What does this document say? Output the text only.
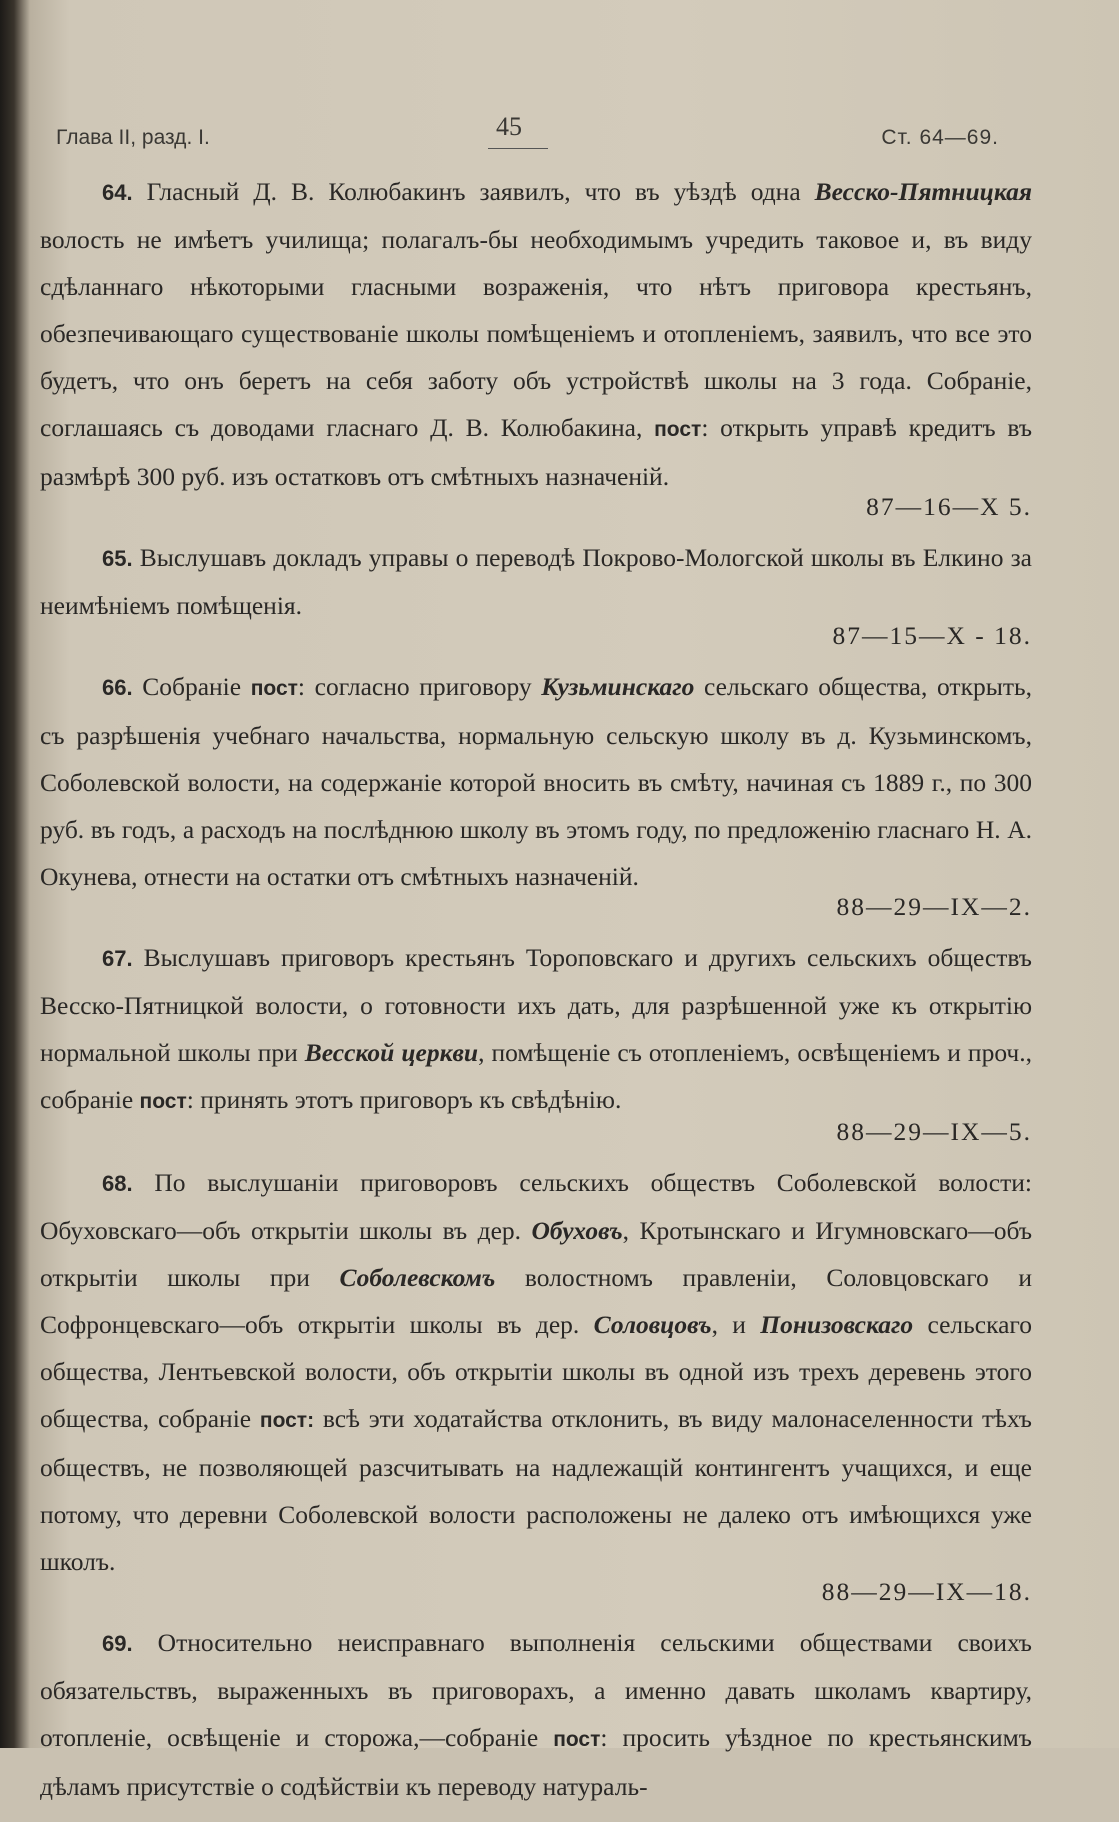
Глава II, разд. I.	45	Ст. 64—69.

64. Гласный Д. В. Колюбакинъ заявилъ, что въ уѣздѣ одна Весско-Пятницкая волость не имѣетъ училища; полагалъ-бы необходимымъ учредить таковое и, въ виду сдѣланнаго нѣкоторыми гласными возраженія, что нѣтъ приговора крестьянъ, обезпечивающаго существованіе школы помѣщеніемъ и отопленіемъ, заявилъ, что все это будетъ, что онъ беретъ на себя заботу объ устройствѣ школы на 3 года. Собраніе, соглашаясь съ доводами гласнаго Д. В. Колюбакина, пост: открыть управѣ кредитъ въ размѣрѣ 300 руб. изъ остатковъ отъ смѣтныхъ назначеній.
87—16—X 5.

65. Выслушавъ докладъ управы о переводѣ Покрово-Мологской школы въ Елкино за неимѣніемъ помѣщенія.
87—15—X - 18.

66. Собраніе пост: согласно приговору Кузьминскаго сельскаго общества, открыть, съ разрѣшенія учебнаго начальства, нормальную сельскую школу въ д. Кузьминскомъ, Соболевской волости, на содержаніе которой вносить въ смѣту, начиная съ 1889 г., по 300 руб. въ годъ, а расходъ на послѣднюю школу въ этомъ году, по предложенію гласнаго Н. А. Окунева, отнести на остатки отъ смѣтныхъ назначеній.
88—29—IX—2.

67. Выслушавъ приговоръ крестьянъ Тороповскаго и другихъ сельскихъ обществъ Весско-Пятницкой волости, о готовности ихъ дать, для разрѣшенной уже къ открытію нормальной школы при Весской церкви, помѣщеніе съ отопленіемъ, освѣщеніемъ и проч., собраніе пост: принять этотъ приговоръ къ свѣдѣнію.
88—29—IX—5.

68. По выслушаніи приговоровъ сельскихъ обществъ Соболевской волости: Обуховскаго—объ открытіи школы въ дер. Обуховъ, Кротынскаго и Игумновскаго—объ открытіи школы при Соболевскомъ волостномъ правленіи, Соловцовскаго и Софронцевскаго—объ открытіи школы въ дер. Соловцовъ, и Понизовскаго сельскаго общества, Лентьевской волости, объ открытіи школы въ одной изъ трехъ деревень этого общества, собраніе пост: всѣ эти ходатайства отклонить, въ виду малонаселенности тѣхъ обществъ, не позволяющей разсчитывать на надлежащій контингентъ учащихся, и еще потому, что деревни Соболевской волости расположены не далеко отъ имѣющихся уже школъ.
88—29—IX—18.

69. Относительно неисправнаго выполненія сельскими обществами своихъ обязательствъ, выраженныхъ въ приговорахъ, а именно давать школамъ квартиру, отопленіе, освѣщеніе и сторожа,—собраніе пост: просить уѣздное по крестьянскимъ дѣламъ присутствіе о содѣйствіи къ переводу натураль-
